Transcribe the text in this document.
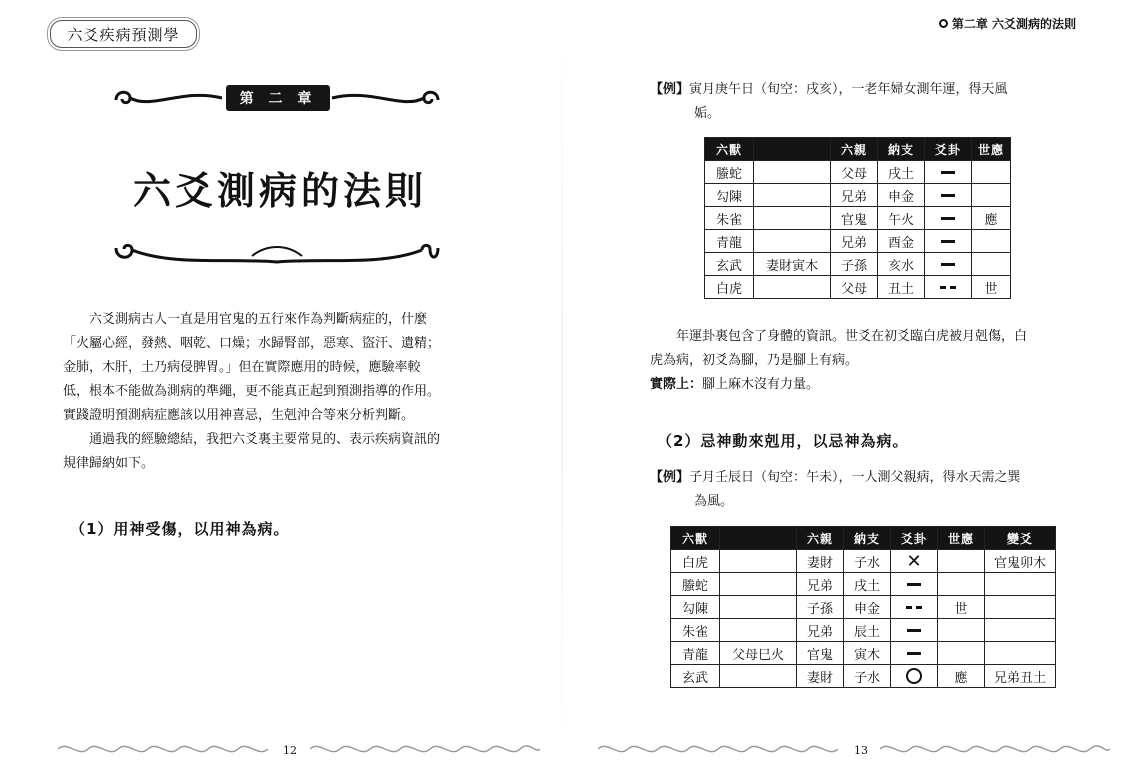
六爻疾病預測學
第 二 章
六爻測病的法則
六爻測病古人一直是用官鬼的五行來作為判斷病症的，什麼
「火屬心經，發熱、咽乾、口燥；水歸腎部，惡寒、盜汗、遺精；
金肺，木肝，土乃病侵脾胃。」但在實際應用的時候，應驗率較
低，根本不能做為測病的準繩，更不能真正起到預測指導的作用。
實踐證明預測病症應該以用神喜忌，生剋沖合等來分析判斷。
通過我的經驗總結，我把六爻裏主要常見的、表示疾病資訊的
規律歸納如下。
（1）用神受傷，以用神為病。
12
第二章 六爻測病的法則
【例】寅月庚午日（旬空：戌亥），一老年婦女測年運，得天風
姤。
六獸		六親	納支	爻卦	世應
螣蛇		父母	戌土		
勾陳		兄弟	申金		
朱雀		官鬼	午火		應
青龍		兄弟	酉金		
玄武	妻財寅木	子孫	亥水		
白虎		父母	丑土		世
年運卦裏包含了身體的資訊。世爻在初爻臨白虎被月剋傷，白
虎為病，初爻為腳，乃是腳上有病。
實際上：腳上麻木沒有力量。
（2）忌神動來剋用，以忌神為病。
【例】子月壬辰日（旬空：午未），一人測父親病，得水天需之巽
為風。
六獸		六親	納支	爻卦	世應	變爻
白虎		妻財	子水	✕		官鬼卯木
螣蛇		兄弟	戌土			
勾陳		子孫	申金		世	
朱雀		兄弟	辰土			
青龍	父母巳火	官鬼	寅木			
玄武		妻財	子水		應	兄弟丑土
13
